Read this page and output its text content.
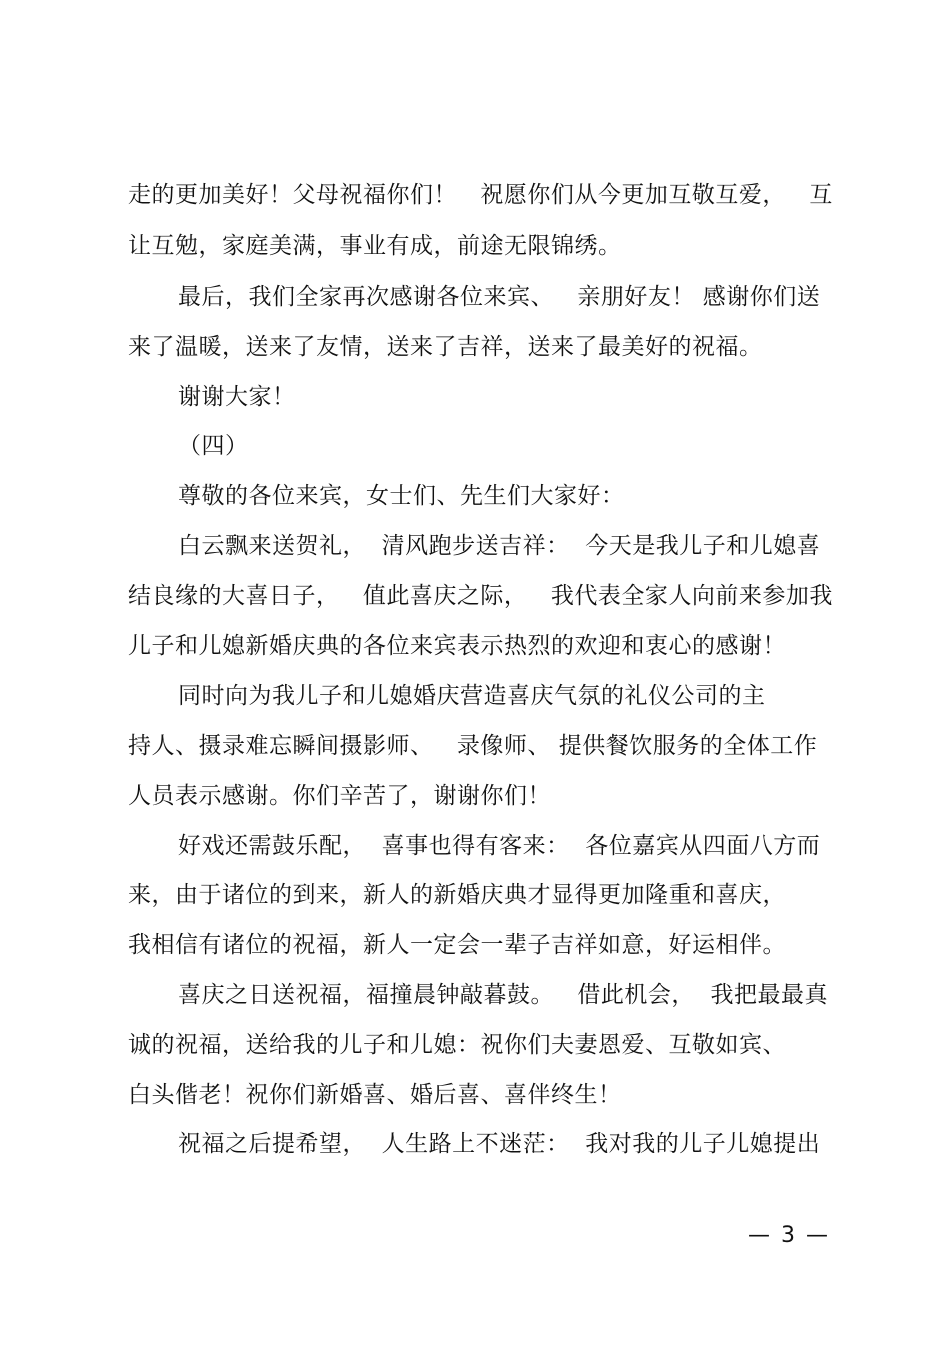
走的更加美好！父母祝福你们！   祝愿你们从今更加互敬互爱，   互
让互勉，家庭美满，事业有成，前途无限锦绣。
最后，我们全家再次感谢各位来宾、   亲朋好友！ 感谢你们送
来了温暖，送来了友情，送来了吉祥，送来了最美好的祝福。
谢谢大家！
（四）
尊敬的各位来宾，女士们、先生们大家好：
白云飘来送贺礼，  清风跑步送吉祥：  今天是我儿子和儿媳喜
结良缘的大喜日子，   值此喜庆之际，   我代表全家人向前来参加我
儿子和儿媳新婚庆典的各位来宾表示热烈的欢迎和衷心的感谢！
同时向为我儿子和儿媳婚庆营造喜庆气氛的礼仪公司的主
持人、摄录难忘瞬间摄影师、   录像师、 提供餐饮服务的全体工作
人员表示感谢。你们辛苦了，谢谢你们！
好戏还需鼓乐配，  喜事也得有客来：  各位嘉宾从四面八方而
来，由于诸位的到来，新人的新婚庆典才显得更加隆重和喜庆，
我相信有诸位的祝福，新人一定会一辈子吉祥如意，好运相伴。
喜庆之日送祝福，福撞晨钟敲暮鼓。   借此机会，  我把最最真
诚的祝福，送给我的儿子和儿媳：祝你们夫妻恩爱、互敬如宾、
白头偕老！祝你们新婚喜、婚后喜、喜伴终生！
祝福之后提希望，  人生路上不迷茫：  我对我的儿子儿媳提出
— 3 —
